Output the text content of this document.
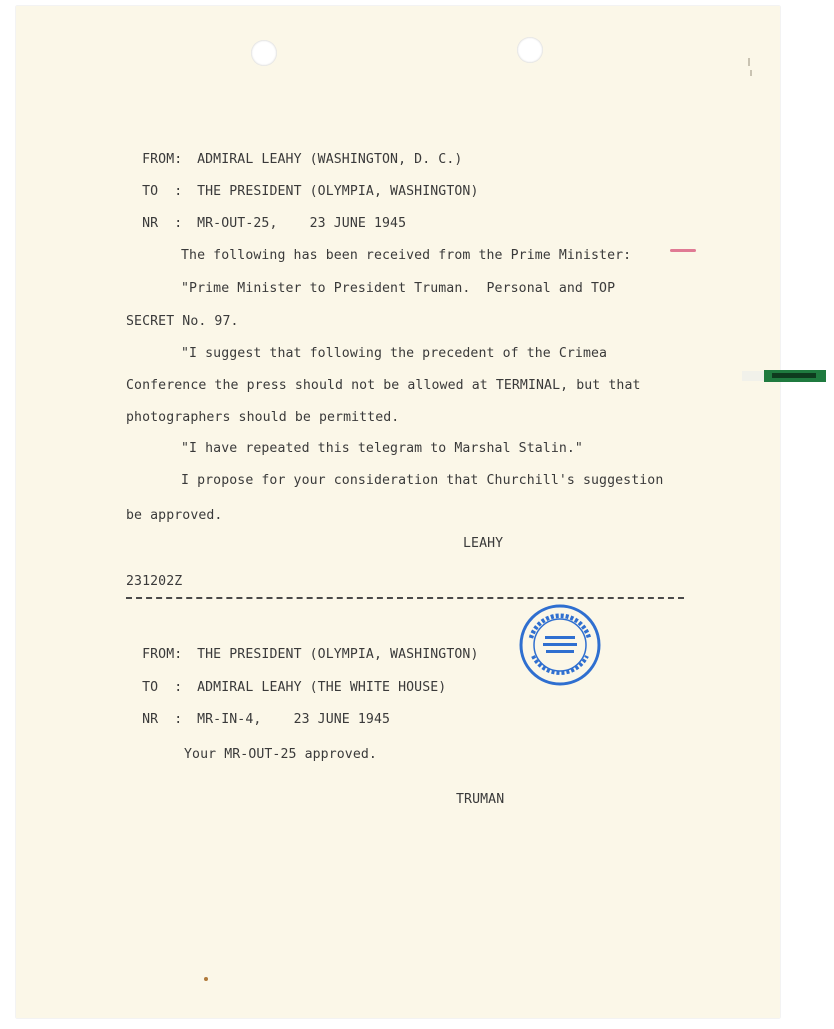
FROM: ADMIRAL LEAHY (WASHINGTON, D. C.)

TO  : THE PRESIDENT (OLYMPIA, WASHINGTON)

NR  : MR-OUT-25,    23 JUNE 1945

The following has been received from the Prime Minister:
"Prime Minister to President Truman.  Personal and TOP
SECRET No. 97.
"I suggest that following the precedent of the Crimea
Conference the press should not be allowed at TERMINAL, but that
photographers should be permitted.
"I have repeated this telegram to Marshal Stalin."
I propose for your consideration that Churchill's suggestion
be approved.
LEAHY
231202Z

FROM: THE PRESIDENT (OLYMPIA, WASHINGTON)

TO  : ADMIRAL LEAHY (THE WHITE HOUSE)

NR  : MR-IN-4,    23 JUNE 1945

Your MR-OUT-25 approved.
TRUMAN
